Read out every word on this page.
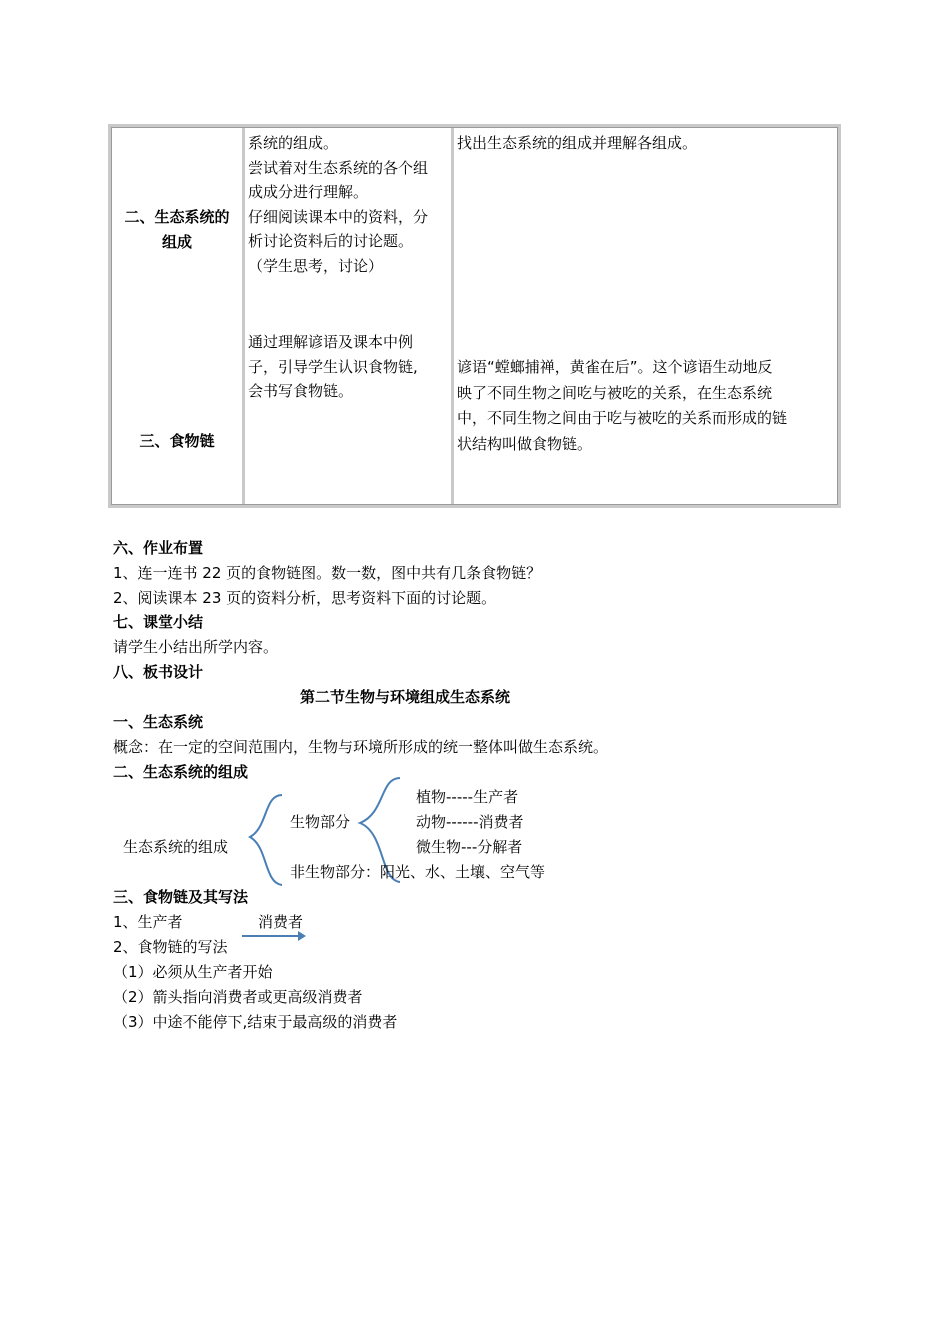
二、生态系统的
组成
系统的组成。
尝试着对生态系统的各个组
成成分进行理解。
仔细阅读课本中的资料，分
析讨论资料后的讨论题。
（学生思考，讨论）
找出生态系统的组成并理解各组成。
三、食物链
通过理解谚语及课本中例
子，引导学生认识食物链,
会书写食物链。
谚语“螳螂捕禅，黄雀在后”。这个谚语生动地反
映了不同生物之间吃与被吃的关系，在生态系统
中，不同生物之间由于吃与被吃的关系而形成的链
状结构叫做食物链。
六、作业布置
1、连一连书 22 页的食物链图。数一数，图中共有几条食物链？
2、阅读课本 23 页的资料分析，思考资料下面的讨论题。
七、课堂小结
请学生小结出所学内容。
八、板书设计
第二节生物与环境组成生态系统
一、生态系统
概念：在一定的空间范围内，生物与环境所形成的统一整体叫做生态系统。
二、生态系统的组成
生态系统的组成
生物部分
非生物部分：阳光、水、土壤、空气等
植物-----生产者
动物------消费者
微生物---分解者
三、食物链及其写法
1、生产者	消费者
2、食物链的写法
（1）必须从生产者开始
（2）箭头指向消费者或更高级消费者
（3）中途不能停下,结束于最高级的消费者
